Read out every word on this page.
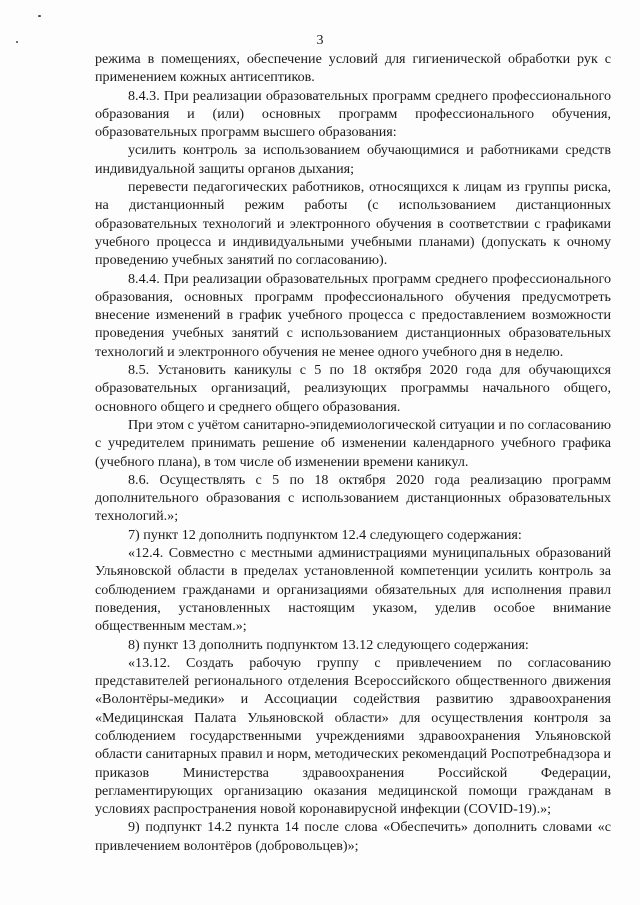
3

режима в помещениях, обеспечение условий для гигиенической обработки рук с применением кожных антисептиков.

8.4.3. При реализации образовательных программ среднего профессионального образования и (или) основных программ профессионального обучения, образовательных программ высшего образования:

усилить контроль за использованием обучающимися и работниками средств индивидуальной защиты органов дыхания;

перевести педагогических работников, относящихся к лицам из группы риска, на дистанционный режим работы (с использованием дистанционных образовательных технологий и электронного обучения в соответствии с графиками учебного процесса и индивидуальными учебными планами) (допускать к очному проведению учебных занятий по согласованию).

8.4.4. При реализации образовательных программ среднего профессионального образования, основных программ профессионального обучения предусмотреть внесение изменений в график учебного процесса с предоставлением возможности проведения учебных занятий с использованием дистанционных образовательных технологий и электронного обучения не менее одного учебного дня в неделю.

8.5. Установить каникулы с 5 по 18 октября 2020 года для обучающихся образовательных организаций, реализующих программы начального общего, основного общего и среднего общего образования.

При этом с учётом санитарно-эпидемиологической ситуации и по согласованию с учредителем принимать решение об изменении календарного учебного графика (учебного плана), в том числе об изменении времени каникул.

8.6. Осуществлять с 5 по 18 октября 2020 года реализацию программ дополнительного образования с использованием дистанционных образовательных технологий.»;

7) пункт 12 дополнить подпунктом 12.4 следующего содержания:

«12.4. Совместно с местными администрациями муниципальных образований Ульяновской области в пределах установленной компетенции усилить контроль за соблюдением гражданами и организациями обязательных для исполнения правил поведения, установленных настоящим указом, уделив особое внимание общественным местам.»;

8) пункт 13 дополнить подпунктом 13.12 следующего содержания:

«13.12. Создать рабочую группу с привлечением по согласованию представителей регионального отделения Всероссийского общественного движения «Волонтёры-медики» и Ассоциации содействия развитию здравоохранения «Медицинская Палата Ульяновской области» для осуществления контроля за соблюдением государственными учреждениями здравоохранения Ульяновской области санитарных правил и норм, методических рекомендаций Роспотребнадзора и приказов Министерства здравоохранения Российской Федерации, регламентирующих организацию оказания медицинской помощи гражданам в условиях распространения новой коронавирусной инфекции (COVID-19).»;

9) подпункт 14.2 пункта 14 после слова «Обеспечить» дополнить словами «с привлечением волонтёров (добровольцев)»;
